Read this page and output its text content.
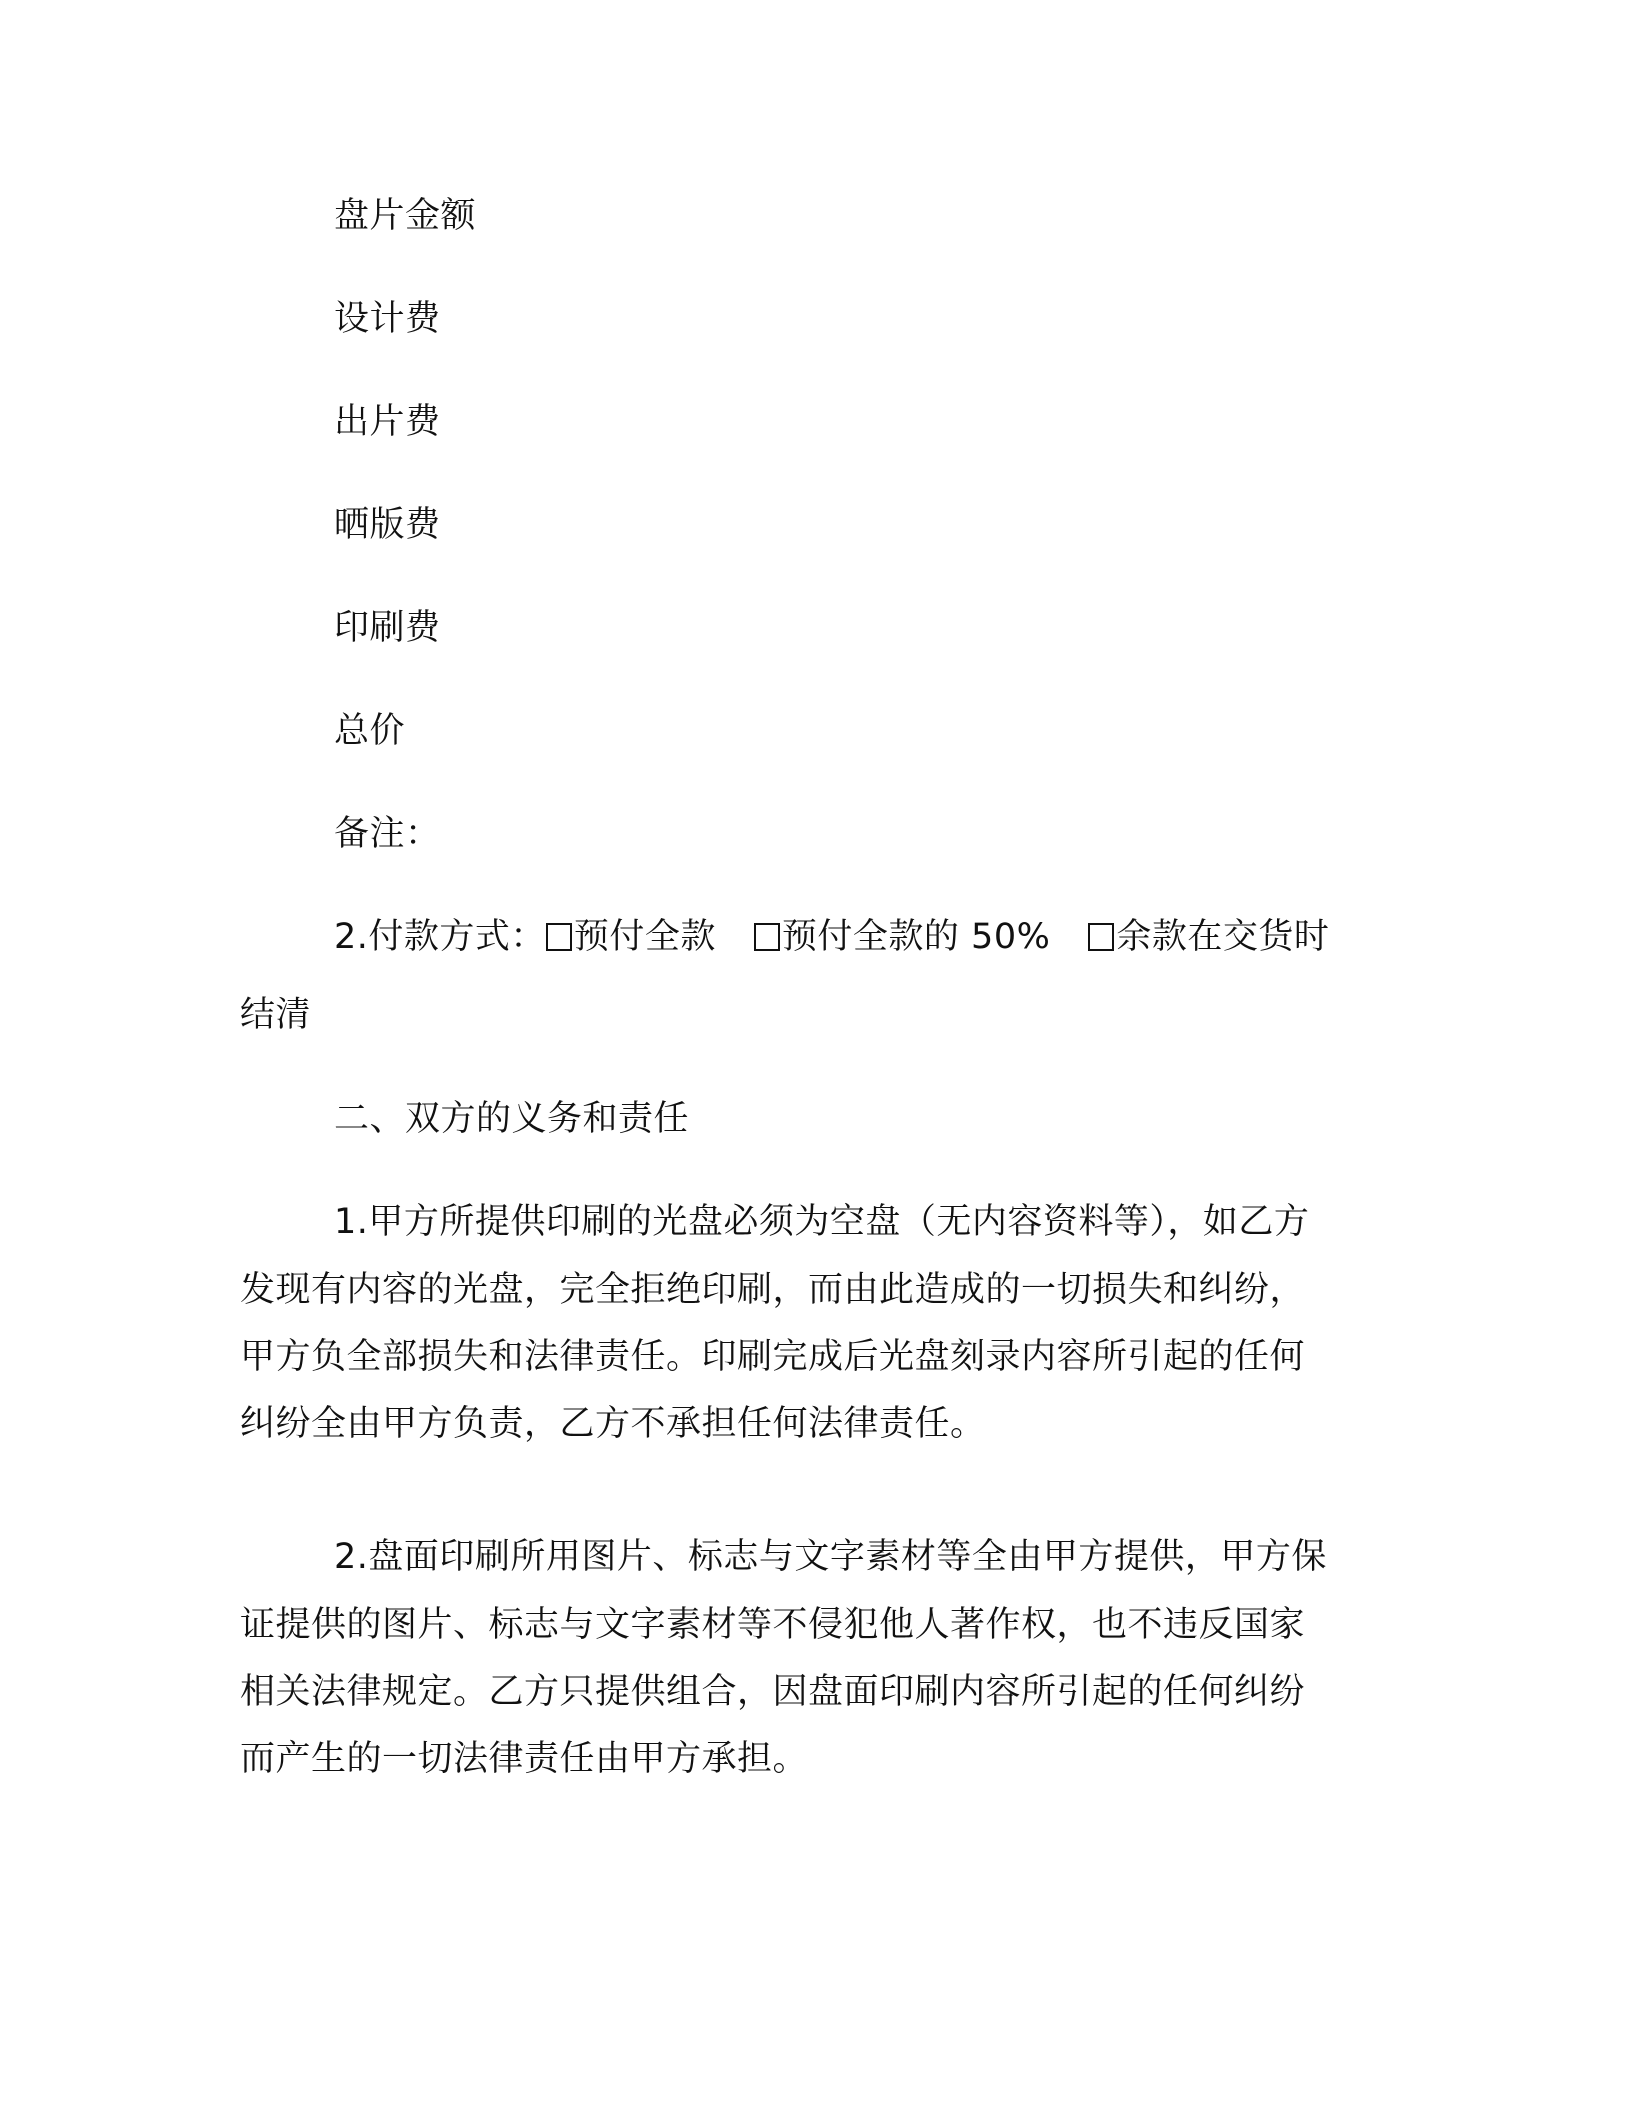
盘片金额

设计费

出片费

晒版费

印刷费

总价

备注：

2.付款方式： 预付全款 预付全款的 50% 余款在交货时

结清

二、双方的义务和责任

1.甲方所提供印刷的光盘必须为空盘（无内容资料等），如乙方

发现有内容的光盘，完全拒绝印刷，而由此造成的一切损失和纠纷，

甲方负全部损失和法律责任。印刷完成后光盘刻录内容所引起的任何

纠纷全由甲方负责，乙方不承担任何法律责任。

2.盘面印刷所用图片、标志与文字素材等全由甲方提供，甲方保

证提供的图片、标志与文字素材等不侵犯他人著作权，也不违反国家

相关法律规定。乙方只提供组合，因盘面印刷内容所引起的任何纠纷

而产生的一切法律责任由甲方承担。
